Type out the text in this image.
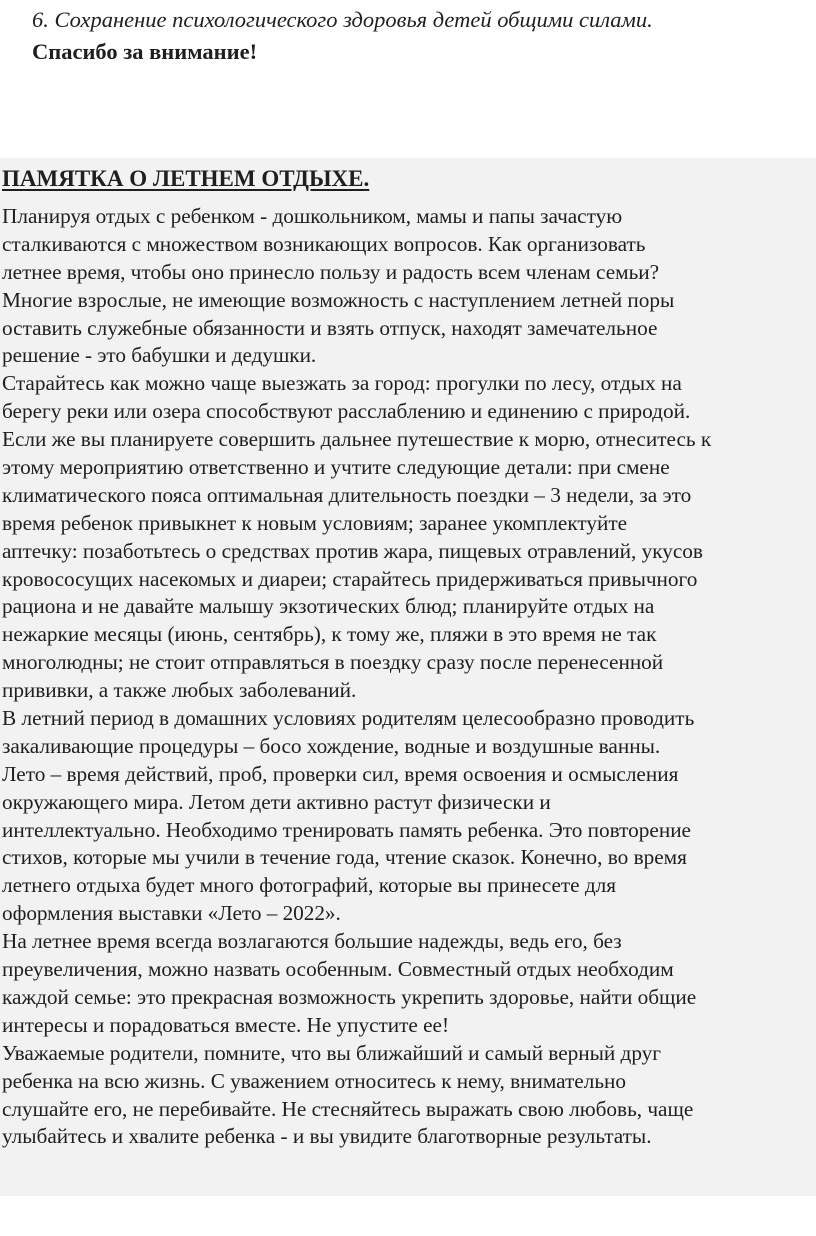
6. Сохранение психологического здоровья детей общими силами.
Спасибо за внимание!
ПАМЯТКА О ЛЕТНЕМ ОТДЫХЕ.
Планируя отдых с ребенком - дошкольником, мамы и папы зачастую
сталкиваются с множеством возникающих вопросов. Как организовать
летнее время, чтобы оно принесло пользу и радость всем членам семьи?
Многие взрослые, не имеющие возможность с наступлением летней поры
оставить служебные обязанности и взять отпуск, находят замечательное
решение - это бабушки и дедушки.
Старайтесь как можно чаще выезжать за город: прогулки по лесу, отдых на
берегу реки или озера способствуют расслаблению и единению с природой.
Если же вы планируете совершить дальнее путешествие к морю, отнеситесь к
этому мероприятию ответственно и учтите следующие детали: при смене
климатического пояса оптимальная длительность поездки – 3 недели, за это
время ребенок привыкнет к новым условиям; заранее укомплектуйте
аптечку: позаботьтесь о средствах против жара, пищевых отравлений, укусов
кровососущих насекомых и диареи; старайтесь придерживаться привычного
рациона и не давайте малышу экзотических блюд; планируйте отдых на
нежаркие месяцы (июнь, сентябрь), к тому же, пляжи в это время не так
многолюдны; не стоит отправляться в поездку сразу после перенесенной
прививки, а также любых заболеваний.
В летний период в домашних условиях родителям целесообразно проводить
закаливающие процедуры – босо хождение, водные и воздушные ванны.
Лето – время действий, проб, проверки сил, время освоения и осмысления
окружающего мира. Летом дети активно растут физически и
интеллектуально. Необходимо тренировать память ребенка. Это повторение
стихов, которые мы учили в течение года, чтение сказок. Конечно, во время
летнего отдыха будет много фотографий, которые вы принесете для
оформления выставки «Лето – 2022».
На летнее время всегда возлагаются большие надежды, ведь его, без
преувеличения, можно назвать особенным. Совместный отдых необходим
каждой семье: это прекрасная возможность укрепить здоровье, найти общие
интересы и порадоваться вместе. Не упустите ее!
Уважаемые родители, помните, что вы ближайший и самый верный друг
ребенка на всю жизнь. С уважением относитесь к нему, внимательно
слушайте его, не перебивайте. Не стесняйтесь выражать свою любовь, чаще
улыбайтесь и хвалите ребенка - и вы увидите благотворные результаты.
